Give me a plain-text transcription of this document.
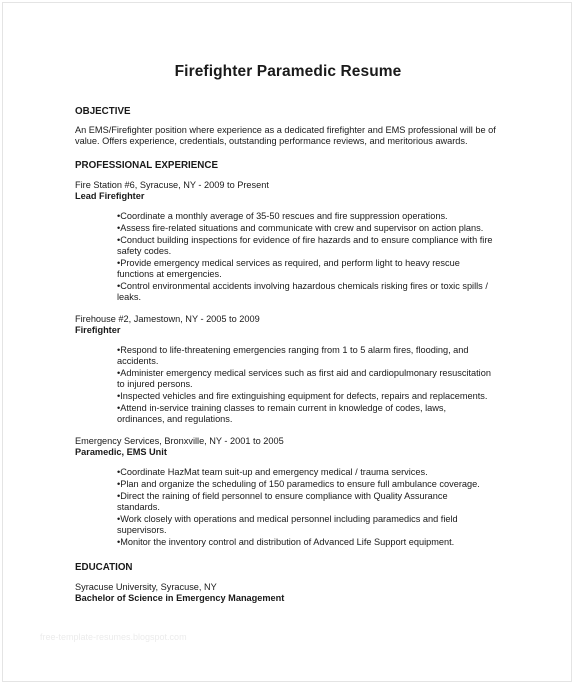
Firefighter Paramedic Resume

OBJECTIVE

An EMS/Firefighter position where experience as a dedicated firefighter and EMS professional will be of value. Offers experience, credentials, outstanding performance reviews, and meritorious awards.

PROFESSIONAL EXPERIENCE

Fire Station #6, Syracuse, NY - 2009 to Present

Lead Firefighter

•Coordinate a monthly average of 35-50 rescues and fire suppression operations.
•Assess fire-related situations and communicate with crew and supervisor on action plans.
•Conduct building inspections for evidence of fire hazards and to ensure compliance with fire safety codes.
•Provide emergency medical services as required, and perform light to heavy rescue functions at emergencies.
•Control environmental accidents involving hazardous chemicals risking fires or toxic spills / leaks.

Firehouse #2, Jamestown, NY - 2005 to 2009

Firefighter

•Respond to life-threatening emergencies ranging from 1 to 5 alarm fires, flooding, and accidents.
•Administer emergency medical services such as first aid and cardiopulmonary resuscitation to injured persons.
•Inspected vehicles and fire extinguishing equipment for defects, repairs and replacements.
•Attend in-service training classes to remain current in knowledge of codes, laws, ordinances, and regulations.

Emergency Services, Bronxville, NY - 2001 to 2005

Paramedic, EMS Unit

•Coordinate HazMat team suit-up and emergency medical / trauma services.
•Plan and organize the scheduling of 150 paramedics to ensure full ambulance coverage.
•Direct the raining of field personnel to ensure compliance with Quality Assurance standards.
•Work closely with operations and medical personnel including paramedics and field supervisors.
•Monitor the inventory control and distribution of Advanced Life Support equipment.

EDUCATION

Syracuse University, Syracuse, NY

Bachelor of Science in Emergency Management

free-template-resumes.blogspot.com
